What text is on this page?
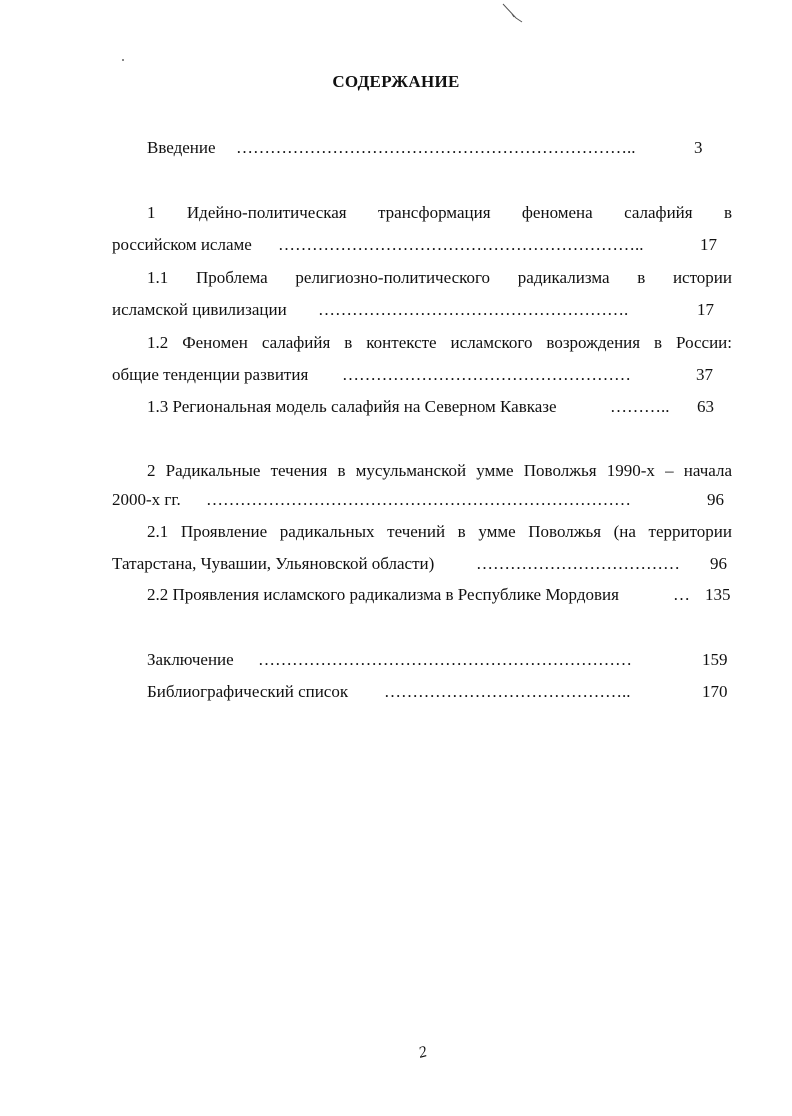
СОДЕРЖАНИЕ
Введение ……………………………………………………………..	3
1 Идейно-политическая трансформация феномена салафийя в
российском исламе ………………………………………………………..	17
1.1 Проблема религиозно-политического радикализма в истории
исламской цивилизации ……………………………………………….	17
1.2 Феномен салафийя в контексте исламского возрождения в России:
общие тенденции развития ……………………………………………	37
1.3 Региональная модель салафийя на Северном Кавказе	……….. 63
2 Радикальные течения в мусульманской умме Поволжья 1990-х – начала
2000-х гг. …………………………………………………………………	96
2.1 Проявление радикальных течений в умме Поволжья (на территории
Татарстана, Чувашии, Ульяновской области) ………………………………	96
2.2 Проявления исламского радикализма в Республике Мордовия	… 135
Заключение …………………………………………………………	159
Библиографический список ……………………………………..	170
2
